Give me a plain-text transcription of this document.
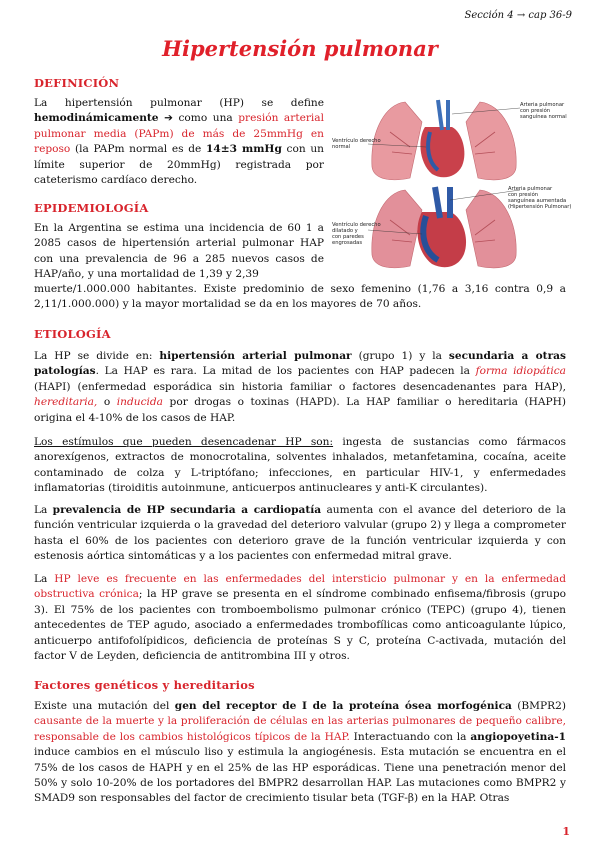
Sección 4 → cap 36-9
Hipertensión pulmonar
DEFINICIÓN
La hipertensión pulmonar (HP) se define hemodinámicamente ➔ como una presión arterial pulmonar media (PAPm) de más de 25mmHg en reposo (la PAPm normal es de 14±3 mmHg con un límite superior de 20mmHg) registrada por cateterismo cardíaco derecho.
Arteria pulmonar con presión sanguínea normal
Ventrículo derecho normal
Arteria pulmonar con presión sanguínea aumentada (Hipertensión Pulmonar)
Ventrículo derecho dilatado y con paredes engrosadas
EPIDEMIOLOGÍA
En la Argentina se estima una incidencia de 60 1 a 2085 casos de hipertensión arterial pulmonar HAP con una prevalencia de 96 a 285 nuevos casos de HAP/año, y una mortalidad de 1,39 y 2,39
muerte/1.000.000 habitantes. Existe predominio de sexo femenino (1,76 a 3,16 contra 0,9 a 2,11/1.000.000) y la mayor mortalidad se da en los mayores de 70 años.
ETIOLOGÍA
La HP se divide en: hipertensión arterial pulmonar (grupo 1) y la secundaria a otras patologías. La HAP es rara. La mitad de los pacientes con HAP padecen la forma idiopática (HAPI) (enfermedad esporádica sin historia familiar o factores desencadenantes para HAP), hereditaria, o inducida por drogas o toxinas (HAPD). La HAP familiar o hereditaria (HAPH) origina el 4-10% de los casos de HAP.
Los estímulos que pueden desencadenar HP son: ingesta de sustancias como fármacos anorexígenos, extractos de monocrotalina, solventes inhalados, metanfetamina, cocaína, aceite contaminado de colza y L-triptófano; infecciones, en particular HIV-1, y enfermedades inflamatorias (tiroiditis autoinmune, anticuerpos antinucleares y anti-K circulantes).
La prevalencia de HP secundaria a cardiopatía aumenta con el avance del deterioro de la función ventricular izquierda o la gravedad del deterioro valvular (grupo 2) y llega a comprometer hasta el 60% de los pacientes con deterioro grave de la función ventricular izquierda y con estenosis aórtica sintomáticas y a los pacientes con enfermedad mitral grave.
La HP leve es frecuente en las enfermedades del intersticio pulmonar y en la enfermedad obstructiva crónica; la HP grave se presenta en el síndrome combinado enfisema/fibrosis (grupo 3). El 75% de los pacientes con tromboembolismo pulmonar crónico (TEPC) (grupo 4), tienen antecedentes de TEP agudo, asociado a enfermedades trombofílicas como anticoagulante lúpico, anticuerpo antifofolípidicos, deficiencia de proteínas S y C, proteína C-activada, mutación del factor V de Leyden, deficiencia de antitrombina III y otros.
Factores genéticos y hereditarios
Existe una mutación del gen del receptor de I de la proteína ósea morfogénica (BMPR2) causante de la muerte y la proliferación de células en las arterias pulmonares de pequeño calibre, responsable de los cambios histológicos típicos de la HAP. Interactuando con la angiopoyetina-1 induce cambios en el músculo liso y estimula la angiogénesis. Esta mutación se encuentra en el 75% de los casos de HAPH y en el 25% de las HP esporádicas. Tiene una penetración menor del 50% y solo 10-20% de los portadores del BMPR2 desarrollan HAP. Las mutaciones como BMPR2 y SMAD9 son responsables del factor de crecimiento tisular beta (TGF-β) en la HAP. Otras
1
